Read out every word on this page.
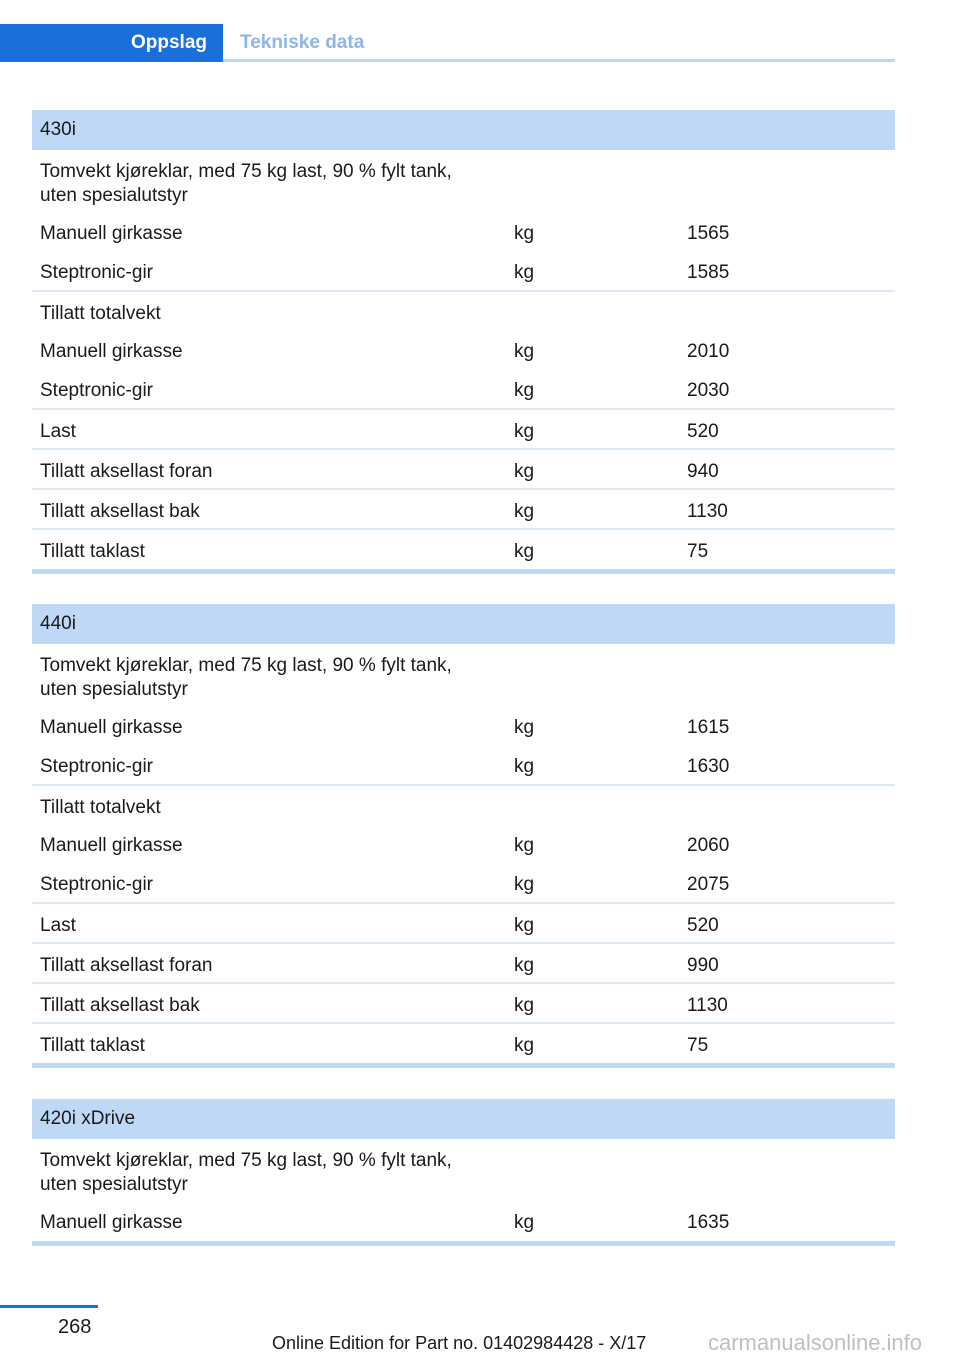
Oppslag	Tekniske data
430i
Tomvekt kjøreklar, med 75 kg last, 90 % fylt tank, uten spesialutstyr
Manuell girkasse	kg	1565
Steptronic-gir	kg	1585
Tillatt totalvekt
Manuell girkasse	kg	2010
Steptronic-gir	kg	2030
Last	kg	520
Tillatt aksellast foran	kg	940
Tillatt aksellast bak	kg	1130
Tillatt taklast	kg	75
440i
Tomvekt kjøreklar, med 75 kg last, 90 % fylt tank, uten spesialutstyr
Manuell girkasse	kg	1615
Steptronic-gir	kg	1630
Tillatt totalvekt
Manuell girkasse	kg	2060
Steptronic-gir	kg	2075
Last	kg	520
Tillatt aksellast foran	kg	990
Tillatt aksellast bak	kg	1130
Tillatt taklast	kg	75
420i xDrive
Tomvekt kjøreklar, med 75 kg last, 90 % fylt tank, uten spesialutstyr
Manuell girkasse	kg	1635
268
Online Edition for Part no. 01402984428 - X/17	carmanualsonline.info
